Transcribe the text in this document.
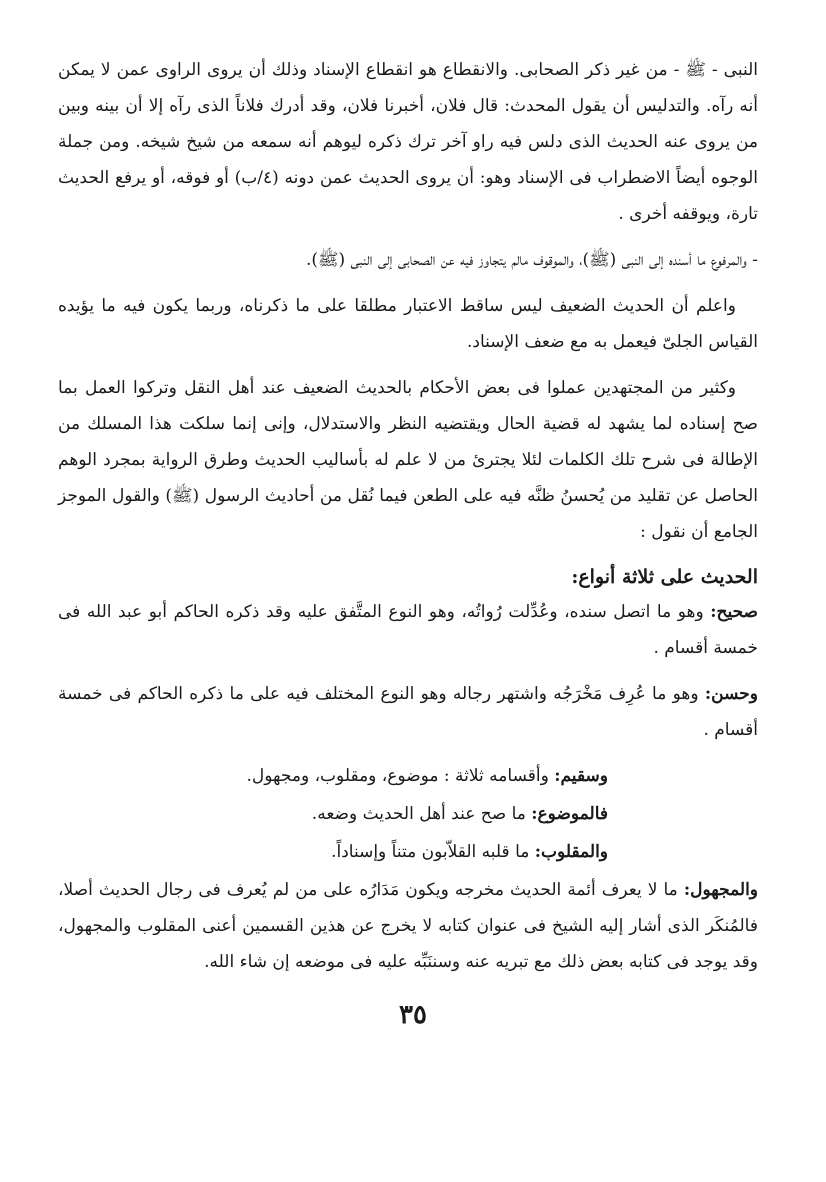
النبى - ﷺ - من غير ذكر الصحابى. والانقطاع هو انقطاع الإسناد وذلك أن يروى الراوى عمن لا يمكن أنه رآه. والتدليس أن يقول المحدث: قال فلان، أخبرنا فلان، وقد أدرك فلاناً الذى رآه إلا أن بينه وبين من يروى عنه الحديث الذى دلس فيه راو آخر ترك ذكره ليوهم أنه سمعه من شيخ شيخه. ومن جملة الوجوه أيضاً الاضطراب فى الإسناد وهو: أن يروى الحديث عمن دونه (٤/ب) أو فوقه، أو يرفع الحديث تارة، ويوقفه أخرى .

- والمرفوع ما أسنده إلى النبى (ﷺ)، والموقوف مالم يتجاوز فيه عن الصحابى إلى النبى (ﷺ).

واعلم أن الحديث الضعيف ليس ساقط الاعتبار مطلقا على ما ذكرناه، وربما يكون فيه ما يؤيده القياس الجلىّ فيعمل به مع ضعف الإسناد.

وكثير من المجتهدين عملوا فى بعض الأحكام بالحديث الضعيف عند أهل النقل وتركوا العمل بما صح إسناده لما يشهد له قضية الحال ويقتضيه النظر والاستدلال، وإنى إنما سلكت هذا المسلك من الإطالة فى شرح تلك الكلمات لئلا يجترئ من لا علم له بأساليب الحديث وطرق الرواية بمجرد الوهم الحاصل عن تقليد من يُحسنُ ظنَّه فيه على الطعن فيما نُقل من أحاديث الرسول (ﷺ) والقول الموجز الجامع أن نقول :

الحديث على ثلاثة أنواع:

صحيح: وهو ما اتصل سنده، وعُدِّلت رُواتُه، وهو النوع المتَّفق عليه وقد ذكره الحاكم أبو عبد الله فى خمسة أقسام .

وحسن: وهو ما عُرِف مَخْرَجُه واشتهر رجاله وهو النوع المختلف فيه على ما ذكره الحاكم فى خمسة أقسام .

وسقيم: وأقسامه ثلاثة : موضوع، ومقلوب، ومجهول.

فالموضوع: ما صح عند أهل الحديث وضعه.

والمقلوب: ما قلبه القلاّبون متناً وإسناداً.

والمجهول: ما لا يعرف أئمة الحديث مخرجه ويكون مَدَارُه على من لم يُعرف فى رجال الحديث أصلا، فالمُنكَر الذى أشار إليه الشيخ فى عنوان كتابه لا يخرج عن هذين القسمين أعنى المقلوب والمجهول، وقد يوجد فى كتابه بعض ذلك مع تبريه عنه وسننَبِّه عليه فى موضعه إن شاء الله.

٣٥
